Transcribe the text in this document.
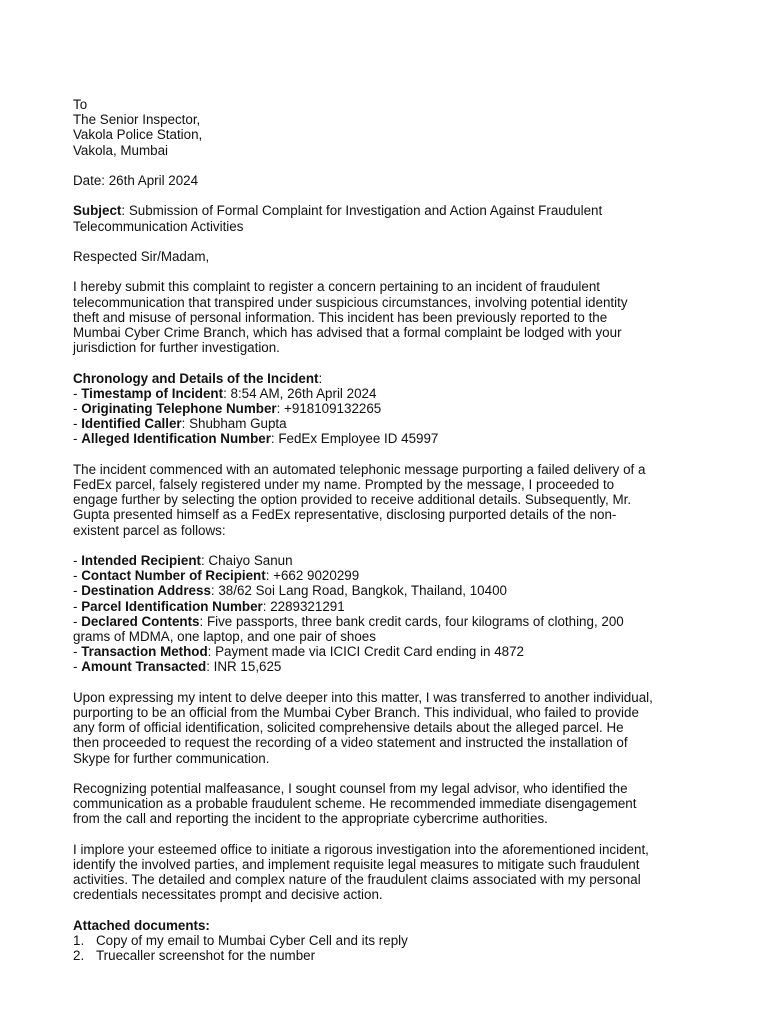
To
The Senior Inspector,
Vakola Police Station,
Vakola, Mumbai
Date: 26th April 2024
Subject: Submission of Formal Complaint for Investigation and Action Against Fraudulent
Telecommunication Activities
Respected Sir/Madam,
I hereby submit this complaint to register a concern pertaining to an incident of fraudulent
telecommunication that transpired under suspicious circumstances, involving potential identity
theft and misuse of personal information. This incident has been previously reported to the
Mumbai Cyber Crime Branch, which has advised that a formal complaint be lodged with your
jurisdiction for further investigation.
Chronology and Details of the Incident:
- Timestamp of Incident: 8:54 AM, 26th April 2024
- Originating Telephone Number: +918109132265
- Identified Caller: Shubham Gupta
- Alleged Identification Number: FedEx Employee ID 45997
The incident commenced with an automated telephonic message purporting a failed delivery of a
FedEx parcel, falsely registered under my name. Prompted by the message, I proceeded to
engage further by selecting the option provided to receive additional details. Subsequently, Mr.
Gupta presented himself as a FedEx representative, disclosing purported details of the non-
existent parcel as follows:
- Intended Recipient: Chaiyo Sanun
- Contact Number of Recipient: +662 9020299
- Destination Address: 38/62 Soi Lang Road, Bangkok, Thailand, 10400
- Parcel Identification Number: 2289321291
- Declared Contents: Five passports, three bank credit cards, four kilograms of clothing, 200
grams of MDMA, one laptop, and one pair of shoes
- Transaction Method: Payment made via ICICI Credit Card ending in 4872
- Amount Transacted: INR 15,625
Upon expressing my intent to delve deeper into this matter, I was transferred to another individual,
purporting to be an official from the Mumbai Cyber Branch. This individual, who failed to provide
any form of official identification, solicited comprehensive details about the alleged parcel. He
then proceeded to request the recording of a video statement and instructed the installation of
Skype for further communication.
Recognizing potential malfeasance, I sought counsel from my legal advisor, who identified the
communication as a probable fraudulent scheme. He recommended immediate disengagement
from the call and reporting the incident to the appropriate cybercrime authorities.
I implore your esteemed office to initiate a rigorous investigation into the aforementioned incident,
identify the involved parties, and implement requisite legal measures to mitigate such fraudulent
activities. The detailed and complex nature of the fraudulent claims associated with my personal
credentials necessitates prompt and decisive action.
Attached documents:
1. Copy of my email to Mumbai Cyber Cell and its reply
2. Truecaller screenshot for the number
